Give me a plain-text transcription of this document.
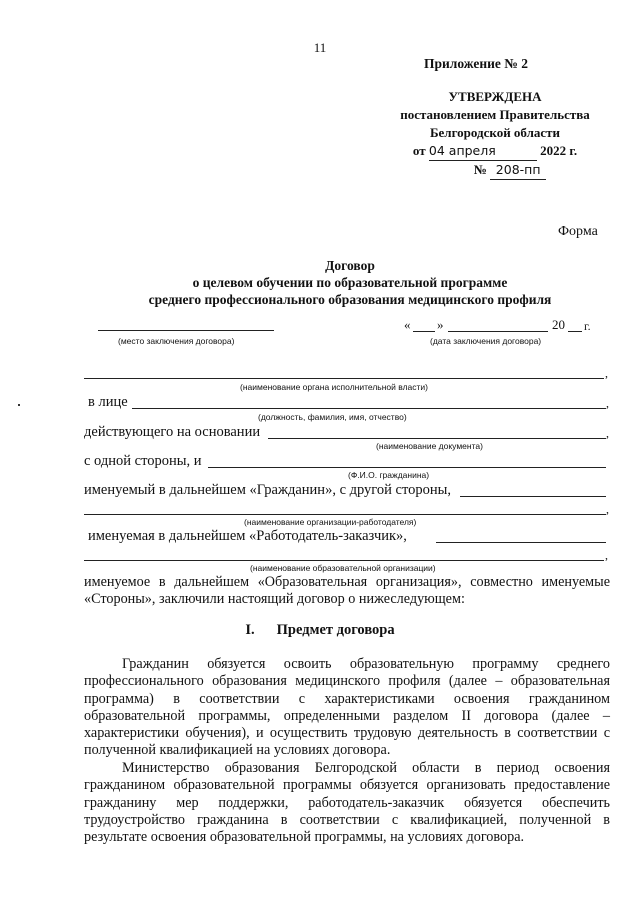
11
Приложение № 2
УТВЕРЖДЕНА
постановлением Правительства
Белгородской области
от 04 апреля	2022 г.
№ 208-пп
Форма
Договор
о целевом обучении по образовательной программе
среднего профессионального образования медицинского профиля
(место заключения договора)
« »	20 г.
(дата заключения договора)
,
(наименование органа исполнительной власти)
в лице	,
(должность, фамилия, имя, отчество)
действующего на основании	,
(наименование документа)
с одной стороны, и
(Ф.И.О. гражданина)
именуемый в дальнейшем «Гражданин», с другой стороны,
,
(наименование организации-работодателя)
именуемая в дальнейшем «Работодатель-заказчик»,
,
(наименование образовательной организации)
именуемое в дальнейшем «Образовательная организация», совместно именуемые «Стороны», заключили настоящий договор о нижеследующем:
I. Предмет договора
Гражданин обязуется освоить образовательную программу среднего профессионального образования медицинского профиля (далее – образовательная программа) в соответствии с характеристиками освоения гражданином образовательной программы, определенными разделом II договора (далее – характеристики обучения), и осуществить трудовую деятельность в соответствии с полученной квалификацией на условиях договора.
Министерство образования Белгородской области в период освоения гражданином образовательной программы обязуется организовать предоставление гражданину мер поддержки, работодатель-заказчик обязуется обеспечить трудоустройство гражданина в соответствии с квалификацией, полученной в результате освоения образовательной программы, на условиях договора.
